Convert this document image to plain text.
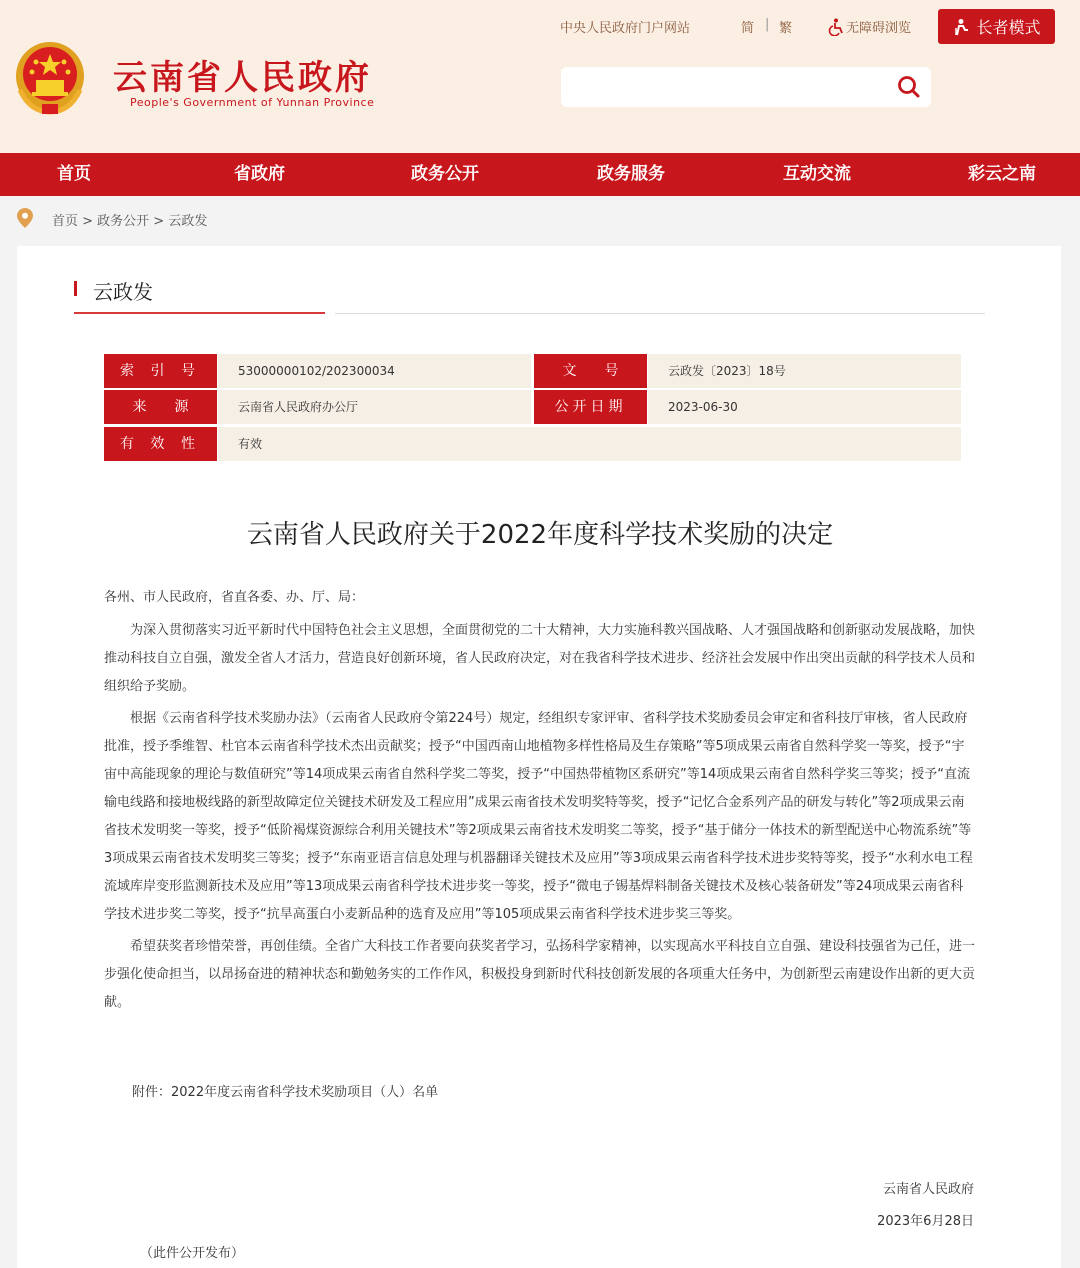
云南省人民政府
People's Government of Yunnan Province
中央人民政府门户网站	简 | 繁	无障碍浏览	长者模式
首页	省政府	政务公开	政务服务	互动交流	彩云之南
首页 > 政务公开 > 云政发
云政发
索 引 号	53000000102/202300034	文　　号	云政发〔2023〕18号
来　　源	云南省人民政府办公厅	公开日期	2023-06-30
有 效 性	有效
云南省人民政府关于2022年度科学技术奖励的决定
各州、市人民政府，省直各委、办、厅、局：

为深入贯彻落实习近平新时代中国特色社会主义思想，全面贯彻党的二十大精神，大力实施科教兴国战略、人才强国战略和创新驱动发展战略，加快推动科技自立自强，激发全省人才活力，营造良好创新环境，省人民政府决定，对在我省科学技术进步、经济社会发展中作出突出贡献的科学技术人员和组织给予奖励。

根据《云南省科学技术奖励办法》（云南省人民政府令第224号）规定，经组织专家评审、省科学技术奖励委员会审定和省科技厅审核，省人民政府批准，授予季维智、杜官本云南省科学技术杰出贡献奖；授予“中国西南山地植物多样性格局及生存策略”等5项成果云南省自然科学奖一等奖，授予“宇宙中高能现象的理论与数值研究”等14项成果云南省自然科学奖二等奖，授予“中国热带植物区系研究”等14项成果云南省自然科学奖三等奖；授予“直流输电线路和接地极线路的新型故障定位关键技术研发及工程应用”成果云南省技术发明奖特等奖，授予“记忆合金系列产品的研发与转化”等2项成果云南省技术发明奖一等奖，授予“低阶褐煤资源综合利用关键技术”等2项成果云南省技术发明奖二等奖，授予“基于储分一体技术的新型配送中心物流系统”等3项成果云南省技术发明奖三等奖；授予“东南亚语言信息处理与机器翻译关键技术及应用”等3项成果云南省科学技术进步奖特等奖，授予“水利水电工程流域库岸变形监测新技术及应用”等13项成果云南省科学技术进步奖一等奖，授予“微电子锡基焊料制备关键技术及核心装备研发”等24项成果云南省科学技术进步奖二等奖，授予“抗旱高蛋白小麦新品种的选育及应用”等105项成果云南省科学技术进步奖三等奖。

希望获奖者珍惜荣誉，再创佳绩。全省广大科技工作者要向获奖者学习，弘扬科学家精神，以实现高水平科技自立自强、建设科技强省为己任，进一步强化使命担当，以昂扬奋进的精神状态和勤勉务实的工作作风，积极投身到新时代科技创新发展的各项重大任务中，为创新型云南建设作出新的更大贡献。

附件：2022年度云南省科学技术奖励项目（人）名单
云南省人民政府
2023年6月28日
（此件公开发布）
